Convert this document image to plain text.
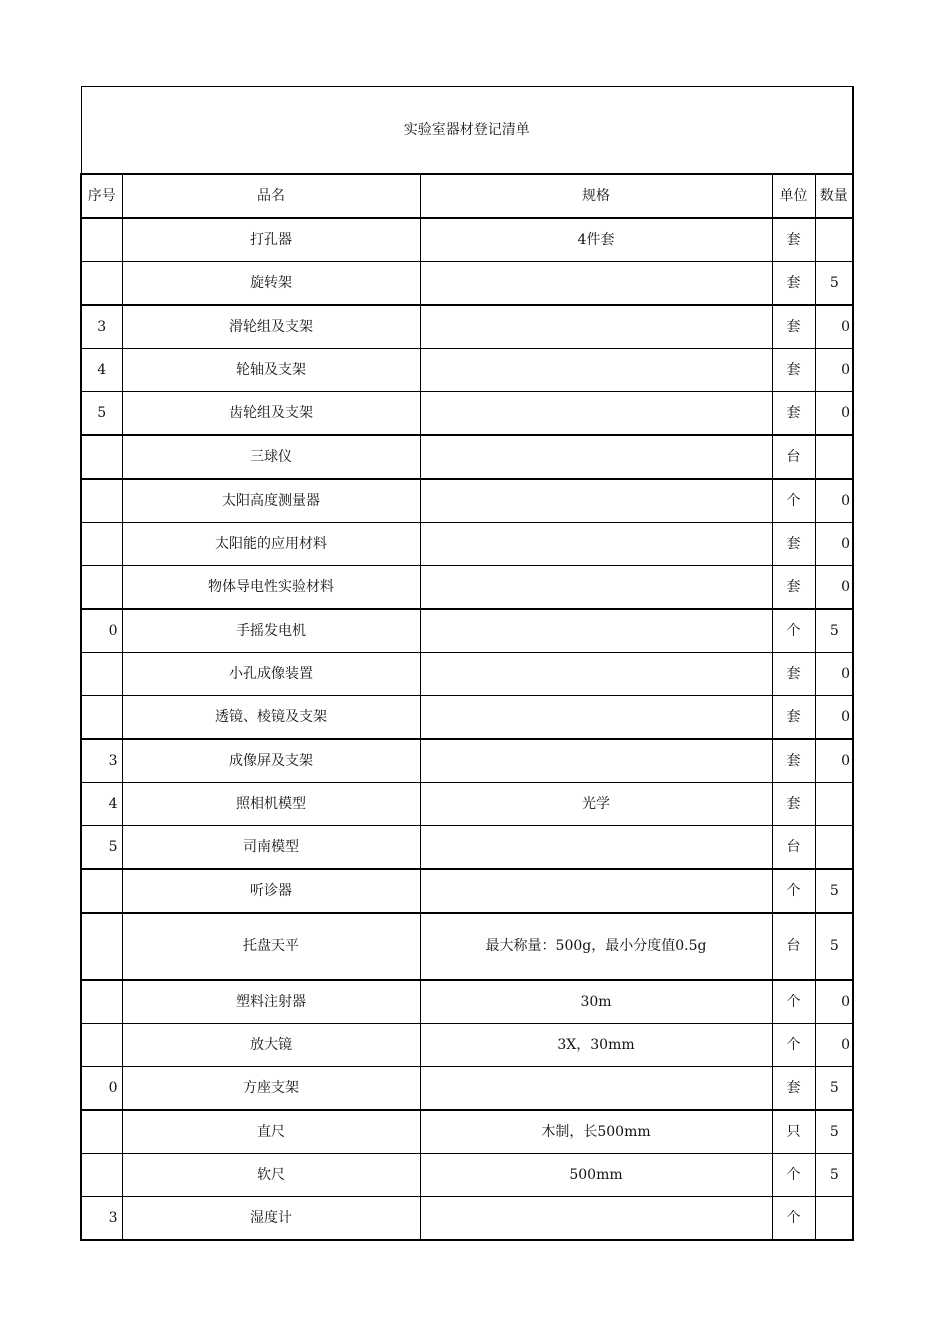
实验室器材登记清单				
序号	品名	规格	单位	数量
	打孔器	4件套	套	
	旋转架		套	5
3	滑轮组及支架		套	0
4	轮轴及支架		套	0
5	齿轮组及支架		套	0
	三球仪		台	
	太阳高度测量器		个	0
	太阳能的应用材料		套	0
	物体导电性实验材料		套	0
0	手摇发电机		个	5
	小孔成像装置		套	0
	透镜、棱镜及支架		套	0
3	成像屏及支架		套	0
4	照相机模型	光学	套	
5	司南模型		台	
	听诊器		个	5
	托盘天平	最大称量：500g，最小分度值0.5g	台	5
	塑料注射器	30m	个	0
	放大镜	3X，30mm	个	0
0	方座支架		套	5
	直尺	木制，长500mm	只	5
	软尺	500mm	个	5
3	湿度计		个	
